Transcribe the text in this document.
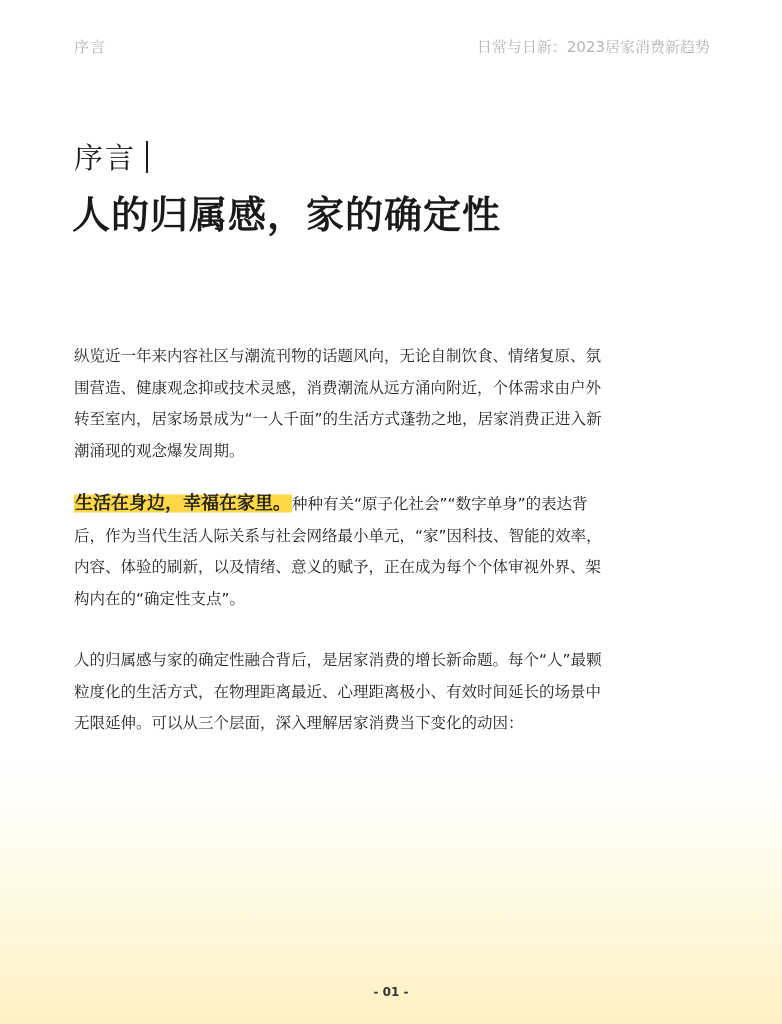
序言	日常与日新：2023居家消费新趋势
序言
人的归属感，家的确定性

纵览近一年来内容社区与潮流刊物的话题风向，无论自制饮食、情绪复原、氛围营造、健康观念抑或技术灵感，消费潮流从远方涌向附近，个体需求由户外转至室内，居家场景成为“一人千面”的生活方式蓬勃之地，居家消费正进入新潮涌现的观念爆发周期。

生活在身边，幸福在家里。种种有关“原子化社会”“数字单身”的表达背后，作为当代生活人际关系与社会网络最小单元，“家”因科技、智能的效率，内容、体验的刷新，以及情绪、意义的赋予，正在成为每个个体审视外界、架构内在的“确定性支点”。

人的归属感与家的确定性融合背后，是居家消费的增长新命题。每个“人”最颗粒度化的生活方式，在物理距离最近、心理距离极小、有效时间延长的场景中无限延伸。可以从三个层面，深入理解居家消费当下变化的动因：

- 01 -
